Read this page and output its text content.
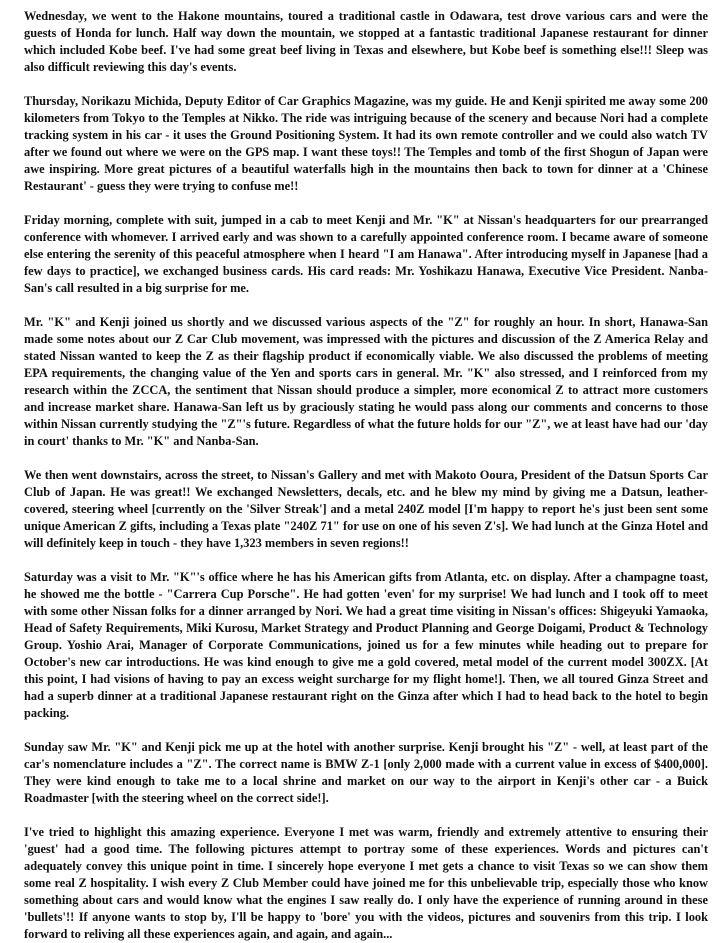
Wednesday, we went to the Hakone mountains, toured a traditional castle in Odawara, test drove various cars and were the guests of Honda for lunch. Half way down the mountain, we stopped at a fantastic traditional Japanese restaurant for dinner which included Kobe beef. I've had some great beef living in Texas and elsewhere, but Kobe beef is something else!!! Sleep was also difficult reviewing this day's events.

Thursday, Norikazu Michida, Deputy Editor of Car Graphics Magazine, was my guide. He and Kenji spirited me away some 200 kilometers from Tokyo to the Temples at Nikko. The ride was intriguing because of the scenery and because Nori had a complete tracking system in his car - it uses the Ground Positioning System. It had its own remote controller and we could also watch TV after we found out where we were on the GPS map. I want these toys!! The Temples and tomb of the first Shogun of Japan were awe inspiring. More great pictures of a beautiful waterfalls high in the mountains then back to town for dinner at a 'Chinese Restaurant' - guess they were trying to confuse me!!

Friday morning, complete with suit, jumped in a cab to meet Kenji and Mr. "K" at Nissan's headquarters for our prearranged conference with whomever. I arrived early and was shown to a carefully appointed conference room. I became aware of someone else entering the serenity of this peaceful atmosphere when I heard "I am Hanawa". After introducing myself in Japanese [had a few days to practice], we exchanged business cards. His card reads: Mr. Yoshikazu Hanawa, Executive Vice President. Nanba-San's call resulted in a big surprise for me.

Mr. "K" and Kenji joined us shortly and we discussed various aspects of the "Z" for roughly an hour. In short, Hanawa-San made some notes about our Z Car Club movement, was impressed with the pictures and discussion of the Z America Relay and stated Nissan wanted to keep the Z as their flagship product if economically viable. We also discussed the problems of meeting EPA requirements, the changing value of the Yen and sports cars in general. Mr. "K" also stressed, and I reinforced from my research within the ZCCA, the sentiment that Nissan should produce a simpler, more economical Z to attract more customers and increase market share. Hanawa-San left us by graciously stating he would pass along our comments and concerns to those within Nissan currently studying the "Z"'s future. Regardless of what the future holds for our "Z", we at least have had our 'day in court' thanks to Mr. "K" and Nanba-San.

We then went downstairs, across the street, to Nissan's Gallery and met with Makoto Ooura, President of the Datsun Sports Car Club of Japan. He was great!! We exchanged Newsletters, decals, etc. and he blew my mind by giving me a Datsun, leather-covered, steering wheel [currently on the 'Silver Streak'] and a metal 240Z model [I'm happy to report he's just been sent some unique American Z gifts, including a Texas plate "240Z 71" for use on one of his seven Z's]. We had lunch at the Ginza Hotel and will definitely keep in touch - they have 1,323 members in seven regions!!

Saturday was a visit to Mr. "K"'s office where he has his American gifts from Atlanta, etc. on display. After a champagne toast, he showed me the bottle - "Carrera Cup Porsche". He had gotten 'even' for my surprise! We had lunch and I took off to meet with some other Nissan folks for a dinner arranged by Nori. We had a great time visiting in Nissan's offices: Shigeyuki Yamaoka, Head of Safety Requirements, Miki Kurosu, Market Strategy and Product Planning and George Doigami, Product & Technology Group. Yoshio Arai, Manager of Corporate Communications, joined us for a few minutes while heading out to prepare for October's new car introductions. He was kind enough to give me a gold covered, metal model of the current model 300ZX. [At this point, I had visions of having to pay an excess weight surcharge for my flight home!]. Then, we all toured Ginza Street and had a superb dinner at a traditional Japanese restaurant right on the Ginza after which I had to head back to the hotel to begin packing.

Sunday saw Mr. "K" and Kenji pick me up at the hotel with another surprise. Kenji brought his "Z" - well, at least part of the car's nomenclature includes a "Z". The correct name is BMW Z-1 [only 2,000 made with a current value in excess of $400,000]. They were kind enough to take me to a local shrine and market on our way to the airport in Kenji's other car - a Buick Roadmaster [with the steering wheel on the correct side!].

I've tried to highlight this amazing experience. Everyone I met was warm, friendly and extremely attentive to ensuring their 'guest' had a good time. The following pictures attempt to portray some of these experiences. Words and pictures can't adequately convey this unique point in time. I sincerely hope everyone I met gets a chance to visit Texas so we can show them some real Z hospitality. I wish every Z Club Member could have joined me for this unbelievable trip, especially those who know something about cars and would know what the engines I saw really do. I only have the experience of running around in these 'bullets'!! If anyone wants to stop by, I'll be happy to 'bore' you with the videos, pictures and souvenirs from this trip. I look forward to reliving all these experiences again, and again, and again...
